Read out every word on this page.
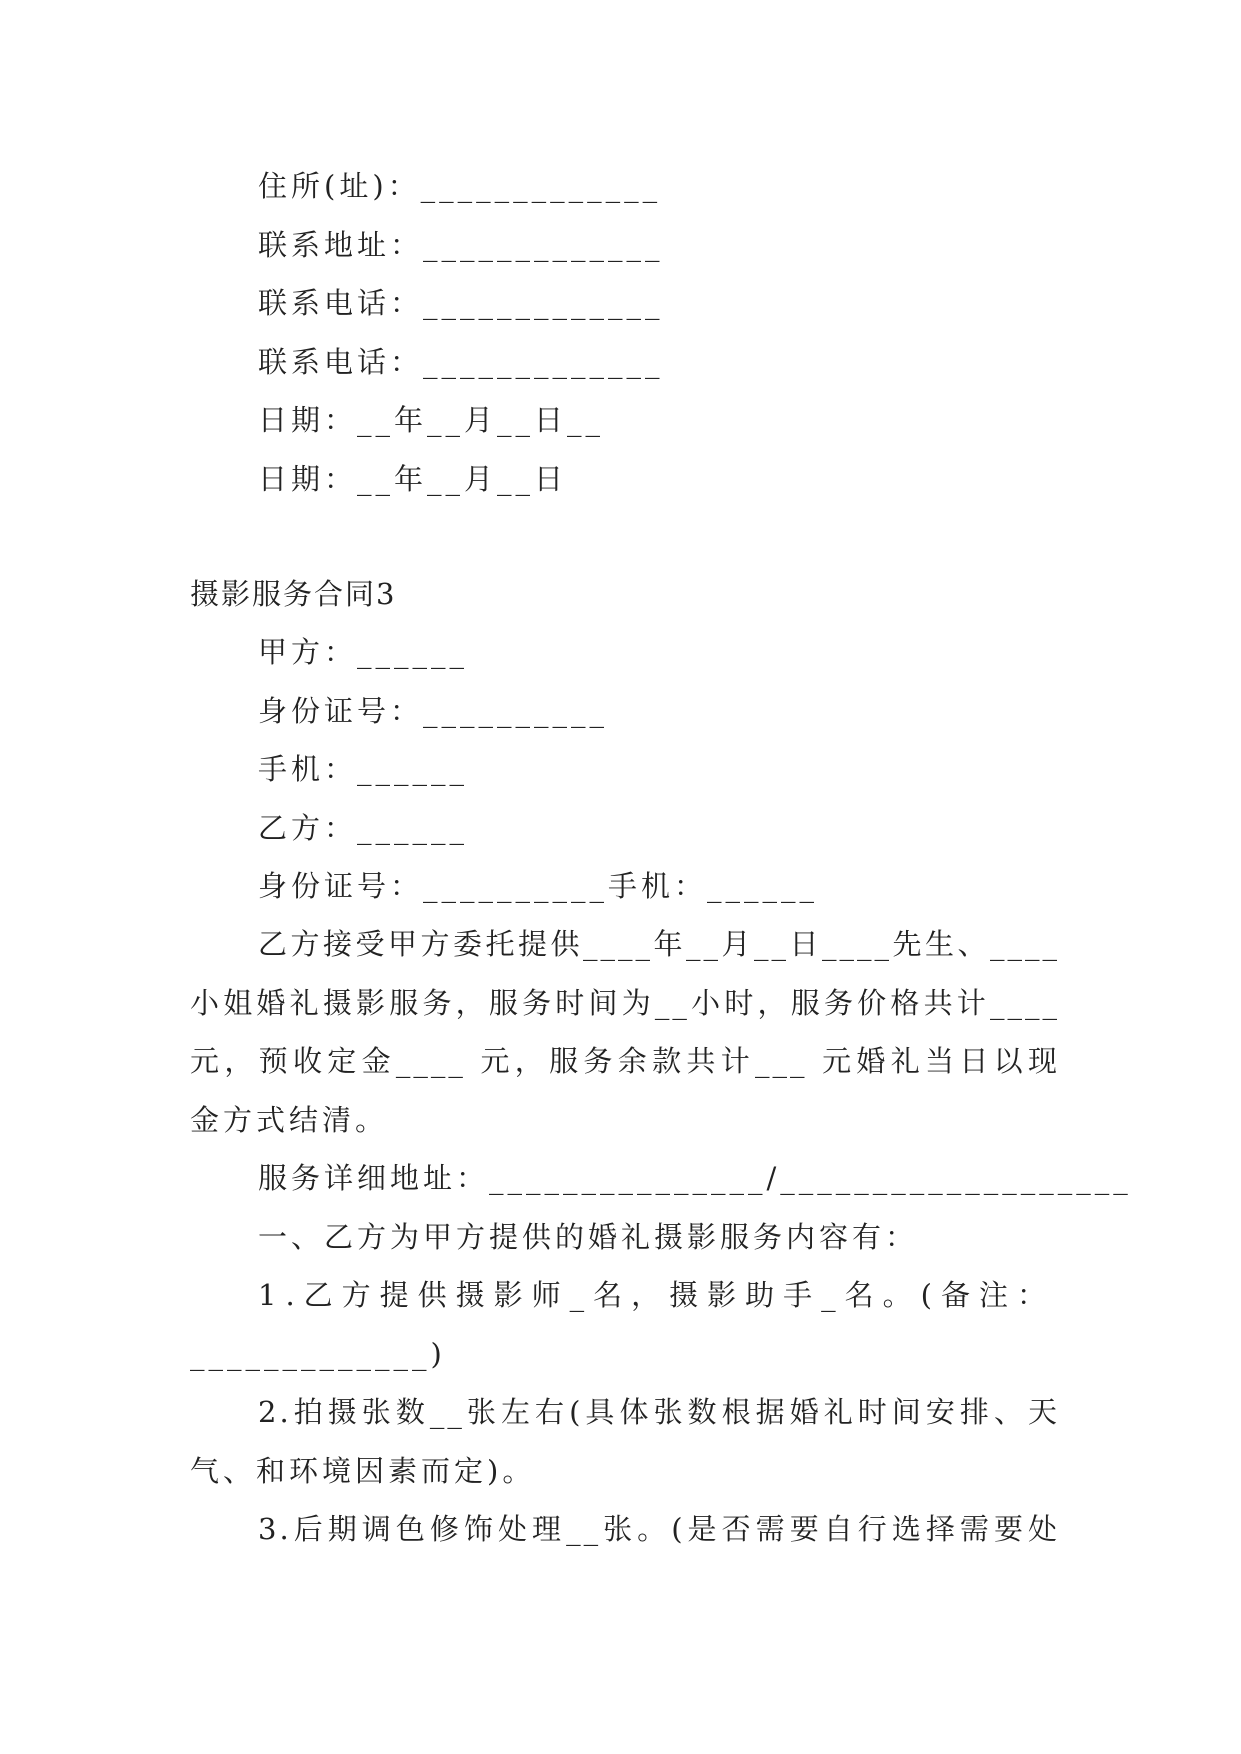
住所(址)：_____________
联系地址：_____________
联系电话：_____________
联系电话：_____________
日期：__年__月__日__
日期：__年__月__日
摄影服务合同3
甲方：______
身份证号：__________
手机：______
乙方：______
身份证号：__________手机：______
乙方接受甲方委托提供____年__月__日____先生、____
小姐婚礼摄影服务，服务时间为__小时，服务价格共计____
元，预收定金____ 元，服务余款共计___ 元婚礼当日以现
金方式结清。
服务详细地址：_______________/___________________
一、乙方为甲方提供的婚礼摄影服务内容有：
1.乙方提供摄影师_名，摄影助手_名。(备注：
_____________)
2.拍摄张数__张左右(具体张数根据婚礼时间安排、天
气、和环境因素而定)。
3.后期调色修饰处理__张。(是否需要自行选择需要处
